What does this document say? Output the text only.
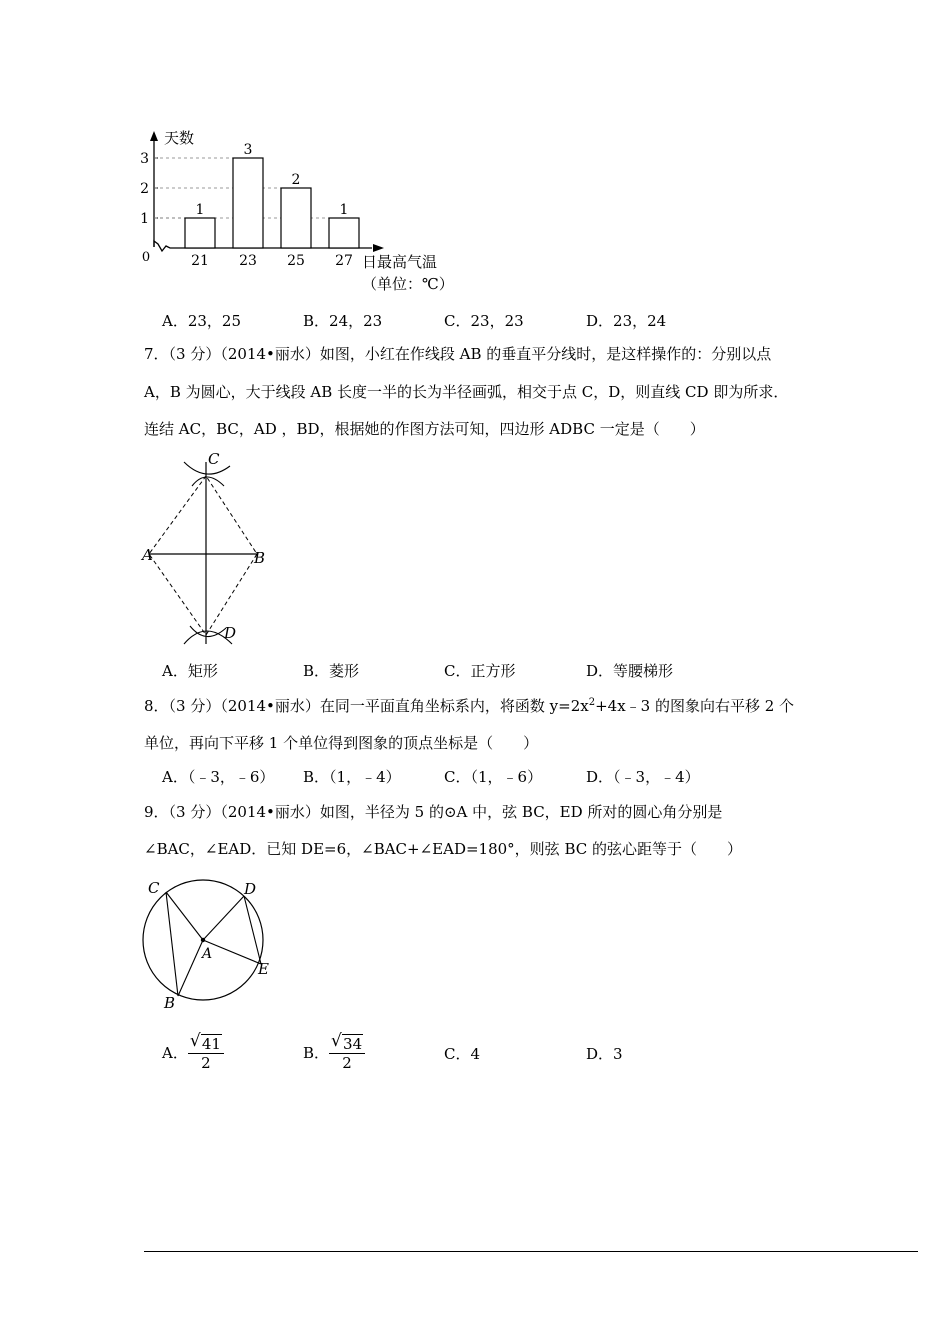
1
2
3
1
21
3
23
2
25
1
27
天数
日最高气温
（单位：℃）
0
A．23，25	B．24，23	C．23，23	D．23，24
7．（3 分）（2014•丽水）如图，小红在作线段 AB 的垂直平分线时，是这样操作的：分别以点
A，B 为圆心，大于线段 AB 长度一半的长为半径画弧，相交于点 C，D，则直线 CD 即为所求．
连结 AC，BC，AD ，BD，根据她的作图方法可知，四边形 ADBC 一定是（　　）
C
A	B
D
A．矩形	B．菱形	C．正方形	D．等腰梯形
8．（3 分）（2014•丽水）在同一平面直角坐标系内，将函数 $y=2x^2+4x﹣3$ 的图象向右平移 2 个
单位，再向下平移 1 个单位得到图象的顶点坐标是（　　）
A．（﹣3，﹣6） B．（1，﹣4）	C．（1，﹣6）	D．（﹣3，﹣4）
9．（3 分）（2014•丽水）如图，半径为 5 的⊙A 中，弦 BC，ED 所对的圆心角分别是
∠BAC，∠EAD．已知 DE=6，∠BAC+∠EAD=180°，则弦 BC 的弦心距等于（　　）
C	D
A
E
B
A． $\frac{√ 41}{2}$	B． $\frac{√ 34}{2}$	C．4	D．3
